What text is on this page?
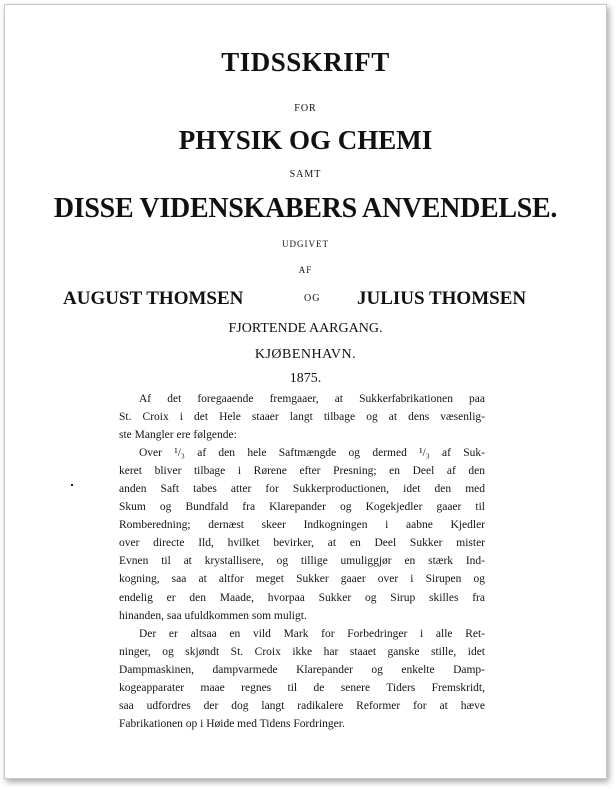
TIDSSKRIFT

FOR

PHYSIK OG CHEMI

SAMT

DISSE VIDENSKABERS ANVENDELSE.

UDGIVET

AF

AUGUST THOMSEN	OG JULIUS THOMSEN

FJORTENDE AARGANG.

KJØBENHAVN.

1875.

Af det foregaaende fremgaaer, at Sukkerfabrikationen paa
St. Croix i det Hele staaer langt tilbage og at dens væsenlig-
ste Mangler ere følgende:
Over ¹/₃ af den hele Saftmængde og dermed ¹/₃ af Suk-
keret bliver tilbage i Rørene efter Presning; en Deel af den
anden Saft tabes atter for Sukkerproductionen, idet den med
Skum og Bundfald fra Klarepander og Kogekjedler gaaer til
Romberedning; dernæst skeer Indkogningen i aabne Kjedler
over directe Ild, hvilket bevirker, at en Deel Sukker mister
Evnen til at krystallisere, og tillige umuliggjør en stærk Ind-
kogning, saa at altfor meget Sukker gaaer over i Sirupen og
endelig er den Maade, hvorpaa Sukker og Sirup skilles fra
hinanden, saa ufuldkommen som muligt.
Der er altsaa en vild Mark for Forbedringer i alle Ret-
ninger, og skjøndt St. Croix ikke har staaet ganske stille, idet
Dampmaskinen, dampvarmede Klarepander og enkelte Damp-
kogeapparater maae regnes til de senere Tiders Fremskridt,
saa udfordres der dog langt radikalere Reformer for at hæve
Fabrikationen op i Høide med Tidens Fordringer.
